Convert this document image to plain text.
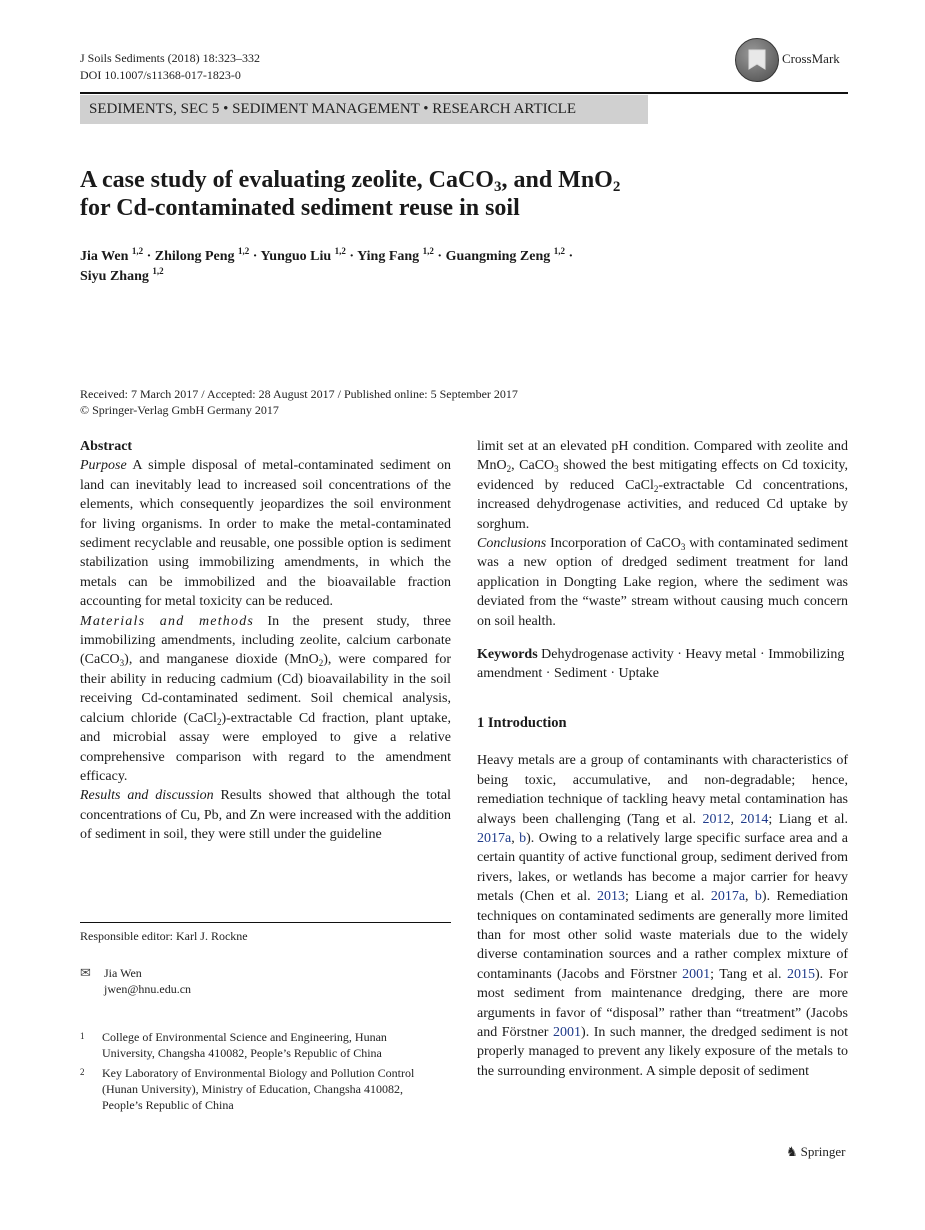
J Soils Sediments (2018) 18:323–332
DOI 10.1007/s11368-017-1823-0
CrossMark
SEDIMENTS, SEC 5 • SEDIMENT MANAGEMENT • RESEARCH ARTICLE
A case study of evaluating zeolite, CaCO$_3$, and MnO$_2$
for Cd-contaminated sediment reuse in soil
Jia Wen $^{1,2}$ · Zhilong Peng $^{1,2}$ · Yunguo Liu $^{1,2}$ · Ying Fang $^{1,2}$ · Guangming Zeng $^{1,2}$ ·
Siyu Zhang $^{1,2}$
Received: 7 March 2017 / Accepted: 28 August 2017 / Published online: 5 September 2017
© Springer-Verlag GmbH Germany 2017

Abstract

Purpose A simple disposal of metal-contaminated sediment on land can inevitably lead to increased soil concentrations of the elements, which consequently jeopardizes the soil environment for living organisms. In order to make the metal-contaminated sediment recyclable and reusable, one possible option is sediment stabilization using immobilizing amendments, in which the metals can be immobilized and the bioavailable fraction accounting for metal toxicity can be reduced.

Materials and methods In the present study, three immobilizing amendments, including zeolite, calcium carbonate (CaCO$_3$), and manganese dioxide (MnO$_2$), were compared for their ability in reducing cadmium (Cd) bioavailability in the soil receiving Cd-contaminated sediment. Soil chemical analysis, calcium chloride (CaCl$_2$)-extractable Cd fraction, plant uptake, and microbial assay were employed to give a relative comprehensive comparison with regard to the amendment efficacy.

Results and discussion Results showed that although the total concentrations of Cu, Pb, and Zn were increased with the addition of sediment in soil, they were still under the guideline

limit set at an elevated pH condition. Compared with zeolite and MnO$_2$, CaCO$_3$ showed the best mitigating effects on Cd toxicity, evidenced by reduced CaCl$_2$-extractable Cd concentrations, increased dehydrogenase activities, and reduced Cd uptake by sorghum.

Conclusions Incorporation of CaCO$_3$ with contaminated sediment was a new option of dredged sediment treatment for land application in Dongting Lake region, where the sediment was deviated from the “waste” stream without causing much concern on soil health.

Keywords Dehydrogenase activity · Heavy metal · Immobilizing amendment · Sediment · Uptake

1 Introduction

Heavy metals are a group of contaminants with characteristics of being toxic, accumulative, and non-degradable; hence, remediation technique of tackling heavy metal contamination has always been challenging (Tang et al. 2012, 2014; Liang et al. 2017a, b). Owing to a relatively large specific surface area and a certain quantity of active functional group, sediment derived from rivers, lakes, or wetlands has become a major carrier for heavy metals (Chen et al. 2013; Liang et al. 2017a, b). Remediation techniques on contaminated sediments are generally more limited than for most other solid waste materials due to the widely diverse contamination sources and a rather complex mixture of contaminants (Jacobs and Förstner 2001; Tang et al. 2015). For most sediment from maintenance dredging, there are more arguments in favor of “disposal” rather than “treatment” (Jacobs and Förstner 2001). In such manner, the dredged sediment is not properly managed to prevent any likely exposure of the metals to the surrounding environment. A simple deposit of sediment

Responsible editor: Karl J. Rockne
✉ Jia Wen
jwen@hnu.edu.cn
1 College of Environmental Science and Engineering, Hunan University, Changsha 410082, People’s Republic of China
2 Key Laboratory of Environmental Biology and Pollution Control (Hunan University), Ministry of Education, Changsha 410082, People’s Republic of China
♞ Springer
